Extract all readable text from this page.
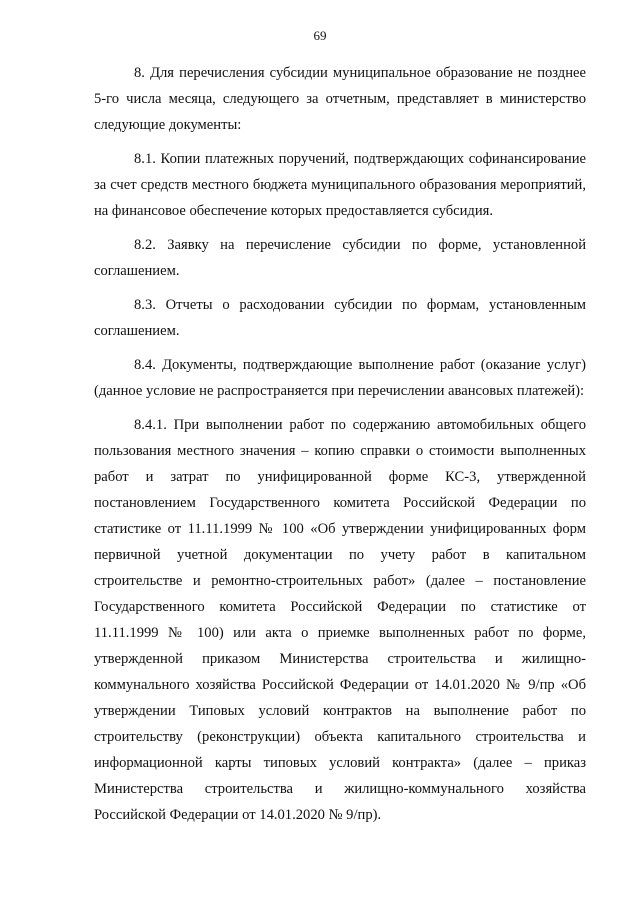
69

8. Для перечисления субсидии муниципальное образование не позднее 5-го числа месяца, следующего за отчетным, представляет в министерство следующие документы:

8.1. Копии платежных поручений, подтверждающих софинансирование за счет средств местного бюджета муниципального образования мероприятий, на финансовое обеспечение которых предоставляется субсидия.

8.2. Заявку на перечисление субсидии по форме, установленной соглашением.

8.3. Отчеты о расходовании субсидии по формам, установленным соглашением.

8.4. Документы, подтверждающие выполнение работ (оказание услуг) (данное условие не распространяется при перечислении авансовых платежей):

8.4.1. При выполнении работ по содержанию автомобильных общего пользования местного значения – копию справки о стоимости выполненных работ и затрат по унифицированной форме КС-3, утвержденной постановлением Государственного комитета Российской Федерации по статистике от 11.11.1999 № 100 «Об утверждении унифицированных форм первичной учетной документации по учету работ в капитальном строительстве и ремонтно-строительных работ» (далее – постановление Государственного комитета Российской Федерации по статистике от 11.11.1999 № 100) или акта о приемке выполненных работ по форме, утвержденной приказом Министерства строительства и жилищно-коммунального хозяйства Российской Федерации от 14.01.2020 № 9/пр «Об утверждении Типовых условий контрактов на выполнение работ по строительству (реконструкции) объекта капитального строительства и информационной карты типовых условий контракта» (далее – приказ Министерства строительства и жилищно-коммунального хозяйства Российской Федерации от 14.01.2020 № 9/пр).
